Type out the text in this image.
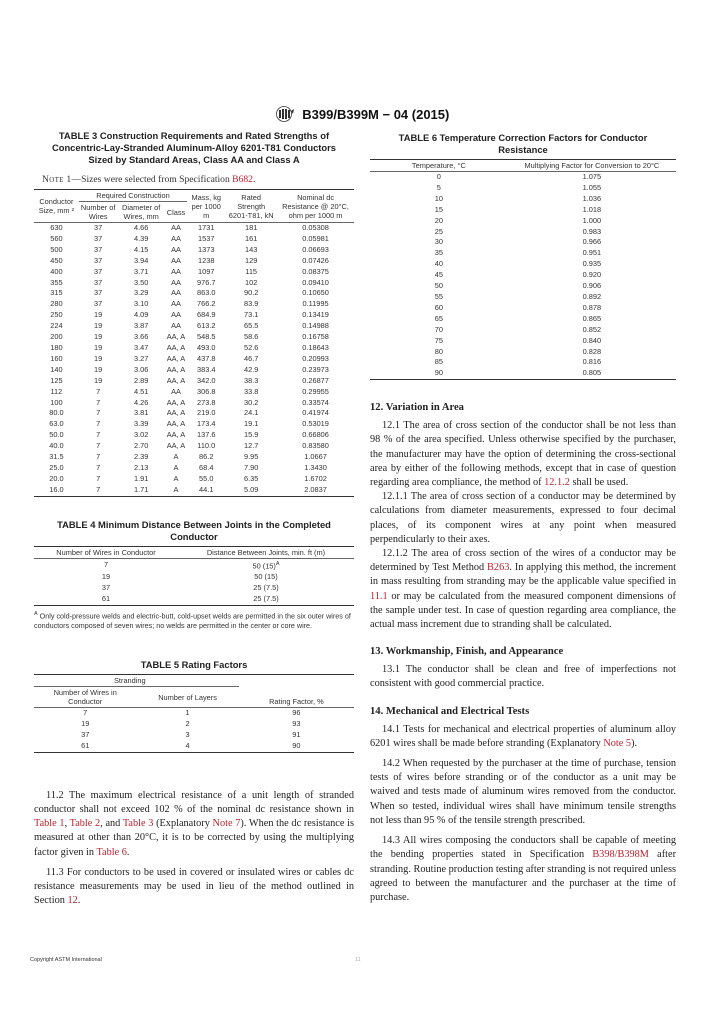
B399/B399M − 04 (2015)
TABLE 3 Construction Requirements and Rated Strengths of Concentric-Lay-Stranded Aluminum-Alloy 6201-T81 Conductors Sized by Standard Areas, Class AA and Class A
Note 1—Sizes were selected from Specification B682.
Conductor Size, mm ²	Required Construction			Mass, kg per 1000 m	Rated Strength 6201-T81, kN	Nominal dc Resistance @ 20°C, ohm per 1000 m
	Number of Wires	Diameter of Wires, mm	Class			
630	37	4.66	AA	1731	181	0.05308
560	37	4.39	AA	1537	161	0.05981
500	37	4.15	AA	1373	143	0.06693
450	37	3.94	AA	1238	129	0.07426
400	37	3.71	AA	1097	115	0.08375
355	37	3.50	AA	976.7	102	0.09410
315	37	3.29	AA	863.0	90.2	0.10650
280	37	3.10	AA	766.2	83.9	0.11995
250	19	4.09	AA	684.9	73.1	0.13419
224	19	3.87	AA	613.2	65.5	0.14988
200	19	3.66	AA, A	548.5	58.6	0.16758
180	19	3.47	AA, A	493.0	52.6	0.18643
160	19	3.27	AA, A	437.8	46.7	0.20993
140	19	3.06	AA, A	383.4	42.9	0.23973
125	19	2.89	AA, A	342.0	38.3	0.26877
112	7	4.51	AA	306.8	33.8	0.29955
100	7	4.26	AA, A	273.8	30.2	0.33574
80.0	7	3.81	AA, A	219.0	24.1	0.41974
63.0	7	3.39	AA, A	173.4	19.1	0.53019
50.0	7	3.02	AA, A	137.6	15.9	0.66806
40.0	7	2.70	AA, A	110.0	12.7	0.83580
31.5	7	2.39	A	86.2	9.95	1.0667
25.0	7	2.13	A	68.4	7.90	1.3430
20.0	7	1.91	A	55.0	6.35	1.6702
16.0	7	1.71	A	44.1	5.09	2.0837
TABLE 4 Minimum Distance Between Joints in the Completed Conductor
Number of Wires in Conductor	Distance Between Joints, min. ft (m)
7	50 $(15)^A$
19	50 (15)
37	25 (7.5)
61	25 (7.5)
$^A$ Only cold-pressure welds and electric-butt, cold-upset welds are permitted in the six outer wires of conductors composed of seven wires; no welds are permitted in the center or core wire.
TABLE 5 Rating Factors
Stranding		Rating Factor, %
Number of Wires in Conductor	Number of Layers	
7	1	96
19	2	93
37	3	91
61	4	90

11.2 The maximum electrical resistance of a unit length of stranded conductor shall not exceed 102 % of the nominal dc resistance shown in Table 1, Table 2, and Table 3 (Explanatory Note 7). When the dc resistance is measured at other than 20°C, it is to be corrected by using the multiplying factor given in Table 6.

11.3 For conductors to be used in covered or insulated wires or cables dc resistance measurements may be used in lieu of the method outlined in Section 12.

TABLE 6 Temperature Correction Factors for Conductor Resistance
Temperature, °C	Multiplying Factor for Conversion to 20°C
0	1.075
5	1.055
10	1.036
15	1.018
20	1.000
25	0.983
30	0.966
35	0.951
40	0.935
45	0.920
50	0.906
55	0.892
60	0.878
65	0.865
70	0.852
75	0.840
80	0.828
85	0.816
90	0.805
12. Variation in Area

12.1 The area of cross section of the conductor shall be not less than 98 % of the area specified. Unless otherwise specified by the purchaser, the manufacturer may have the option of determining the cross-sectional area by either of the following methods, except that in case of question regarding area compliance, the method of 12.1.2 shall be used.

12.1.1 The area of cross section of a conductor may be determined by calculations from diameter measurements, expressed to four decimal places, of its component wires at any point when measured perpendicularly to their axes.

12.1.2 The area of cross section of the wires of a conductor may be determined by Test Method B263. In applying this method, the increment in mass resulting from stranding may be the applicable value specified in 11.1 or may be calculated from the measured component dimensions of the sample under test. In case of question regarding area compliance, the actual mass increment due to stranding shall be calculated.

13. Workmanship, Finish, and Appearance

13.1 The conductor shall be clean and free of imperfections not consistent with good commercial practice.

14. Mechanical and Electrical Tests

14.1 Tests for mechanical and electrical properties of aluminum alloy 6201 wires shall be made before stranding (Explanatory Note 5).

14.2 When requested by the purchaser at the time of purchase, tension tests of wires before stranding or of the conductor as a unit may be waived and tests made of aluminum wires removed from the conductor. When so tested, individual wires shall have minimum tensile strengths not less than 95 % of the tensile strength prescribed.

14.3 All wires composing the conductors shall be capable of meeting the bending properties stated in Specification B398/B398M after stranding. Routine production testing after stranding is not required unless agreed to between the manufacturer and the purchaser at the time of purchase.

Copyright ASTM International	11
